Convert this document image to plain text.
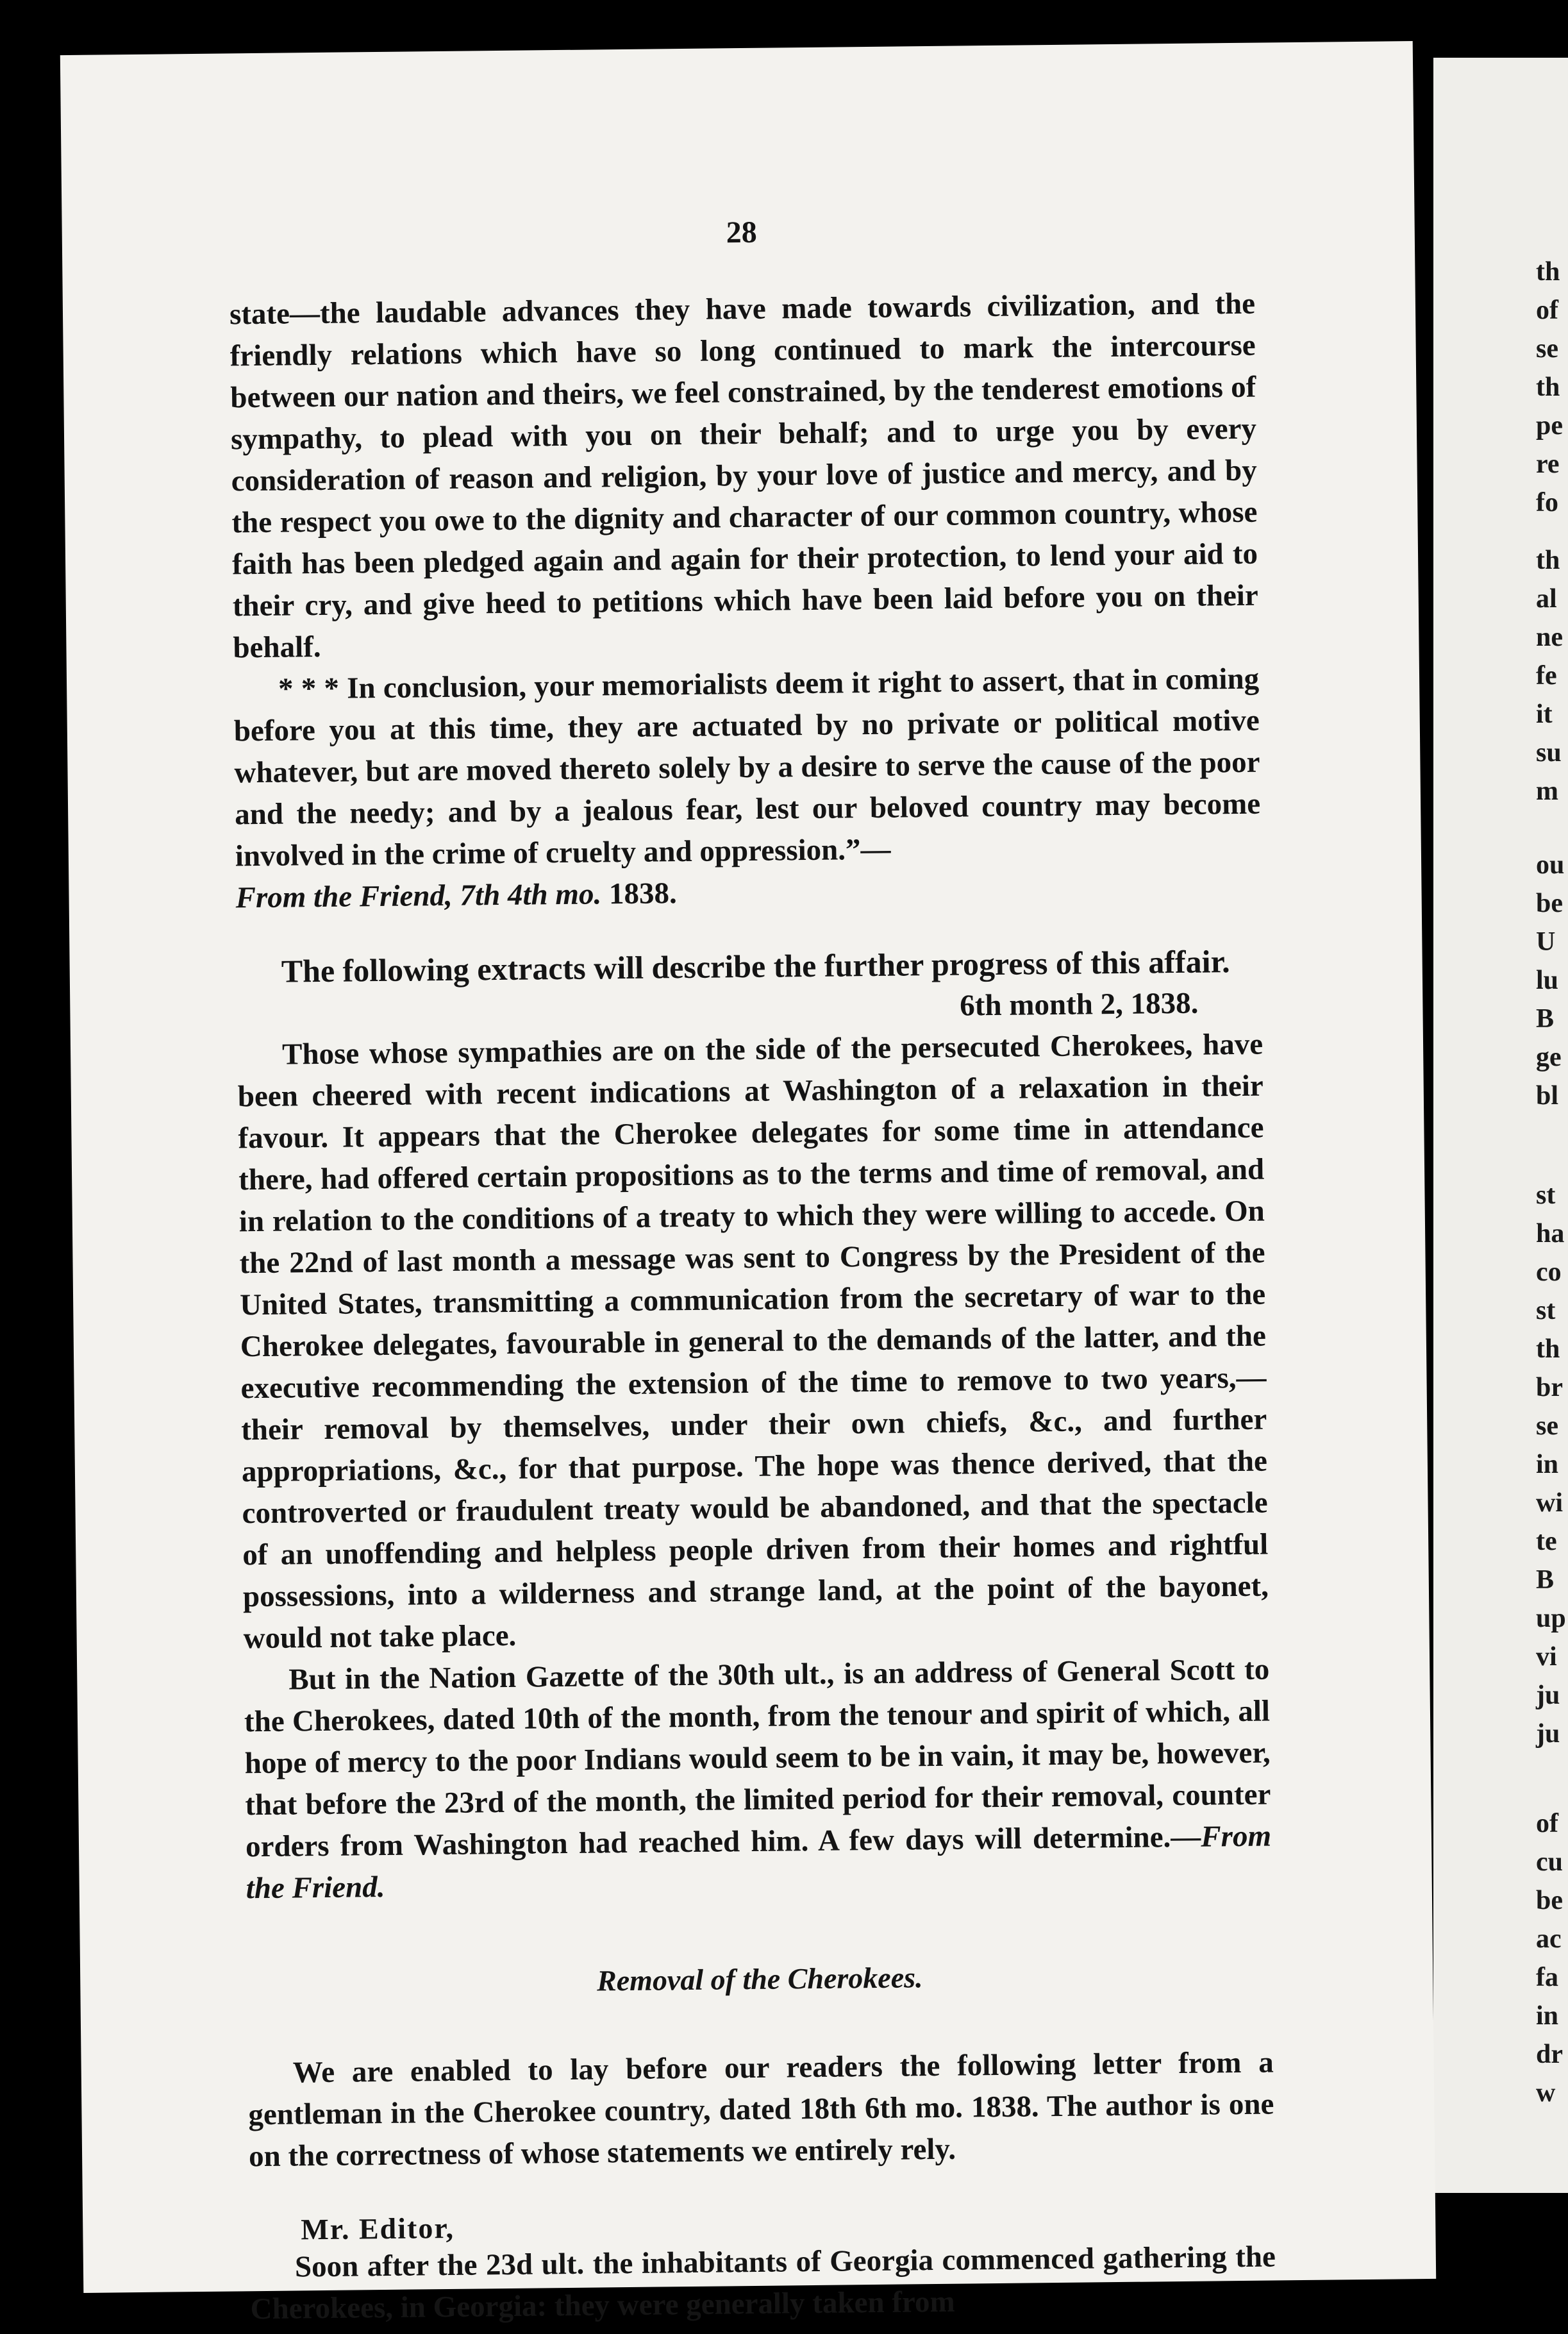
th
of
se
th
pe
re
fo
th
al
ne
fe
it
su
m
ou
be
U
lu
B
ge
bl
st
ha
co
st
th
br
se
in
wi
te
B
up
vi
ju
ju
of
cu
be
ac
fa
in
dr
w
28

state—the laudable advances they have made towards civilization, and the friendly relations which have so long continued to mark the intercourse between our nation and theirs, we feel constrained, by the tenderest emotions of sympathy, to plead with you on their behalf; and to urge you by every consideration of reason and religion, by your love of justice and mercy, and by the respect you owe to the dignity and character of our common country, whose faith has been pledged again and again for their protection, to lend your aid to their cry, and give heed to petitions which have been laid before you on their behalf.

* * * In conclusion, your memorialists deem it right to assert, that in coming before you at this time, they are actuated by no private or political motive whatever, but are moved thereto solely by a desire to serve the cause of the poor and the needy; and by a jealous fear, lest our beloved country may become involved in the crime of cruelty and oppression.”—

From the Friend, 7th 4th mo. 1838.

The following extracts will describe the further progress of this affair.

6th month 2, 1838.

Those whose sympathies are on the side of the persecuted Cherokees, have been cheered with recent indications at Washington of a relaxation in their favour. It appears that the Cherokee delegates for some time in attendance there, had offered certain propositions as to the terms and time of removal, and in relation to the conditions of a treaty to which they were willing to accede. On the 22nd of last month a message was sent to Congress by the President of the United States, transmitting a communication from the secretary of war to the Cherokee delegates, favourable in general to the demands of the latter, and the executive recommending the extension of the time to remove to two years,—their removal by themselves, under their own chiefs, &c., and further appropriations, &c., for that purpose. The hope was thence derived, that the controverted or fraudulent treaty would be abandoned, and that the spectacle of an unoffending and helpless people driven from their homes and rightful possessions, into a wilderness and strange land, at the point of the bayonet, would not take place.

But in the Nation Gazette of the 30th ult., is an address of General Scott to the Cherokees, dated 10th of the month, from the tenour and spirit of which, all hope of mercy to the poor Indians would seem to be in vain, it may be, however, that before the 23rd of the month, the limited period for their removal, counter orders from Washington had reached him. A few days will determine.—From the Friend.

Removal of the Cherokees.

We are enabled to lay before our readers the following letter from a gentleman in the Cherokee country, dated 18th 6th mo. 1838. The author is one on the correctness of whose statements we entirely rely.

Mr. Editor,

Soon after the 23d ult. the inhabitants of Georgia commenced gathering the Cherokees, in Georgia: they were generally taken from
